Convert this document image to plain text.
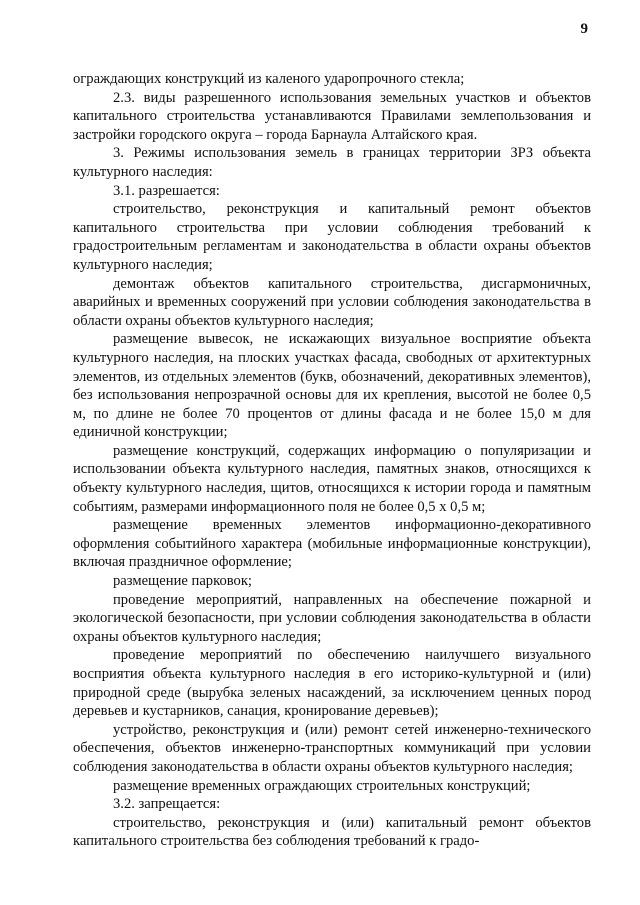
9

ограждающих конструкций из каленого ударопрочного стекла;

2.3. виды разрешенного использования земельных участков и объектов капитального строительства устанавливаются Правилами землепользования и застройки городского округа – города Барнаула Алтайского края.

3. Режимы использования земель в границах территории ЗРЗ объекта культурного наследия:

3.1. разрешается:

строительство, реконструкция и капитальный ремонт объектов капитального строительства при условии соблюдения требований к градостроительным регламентам и законодательства в области охраны объектов культурного наследия;

демонтаж объектов капитального строительства, дисгармоничных, аварийных и временных сооружений при условии соблюдения законодательства в области охраны объектов культурного наследия;

размещение вывесок, не искажающих визуальное восприятие объекта культурного наследия, на плоских участках фасада, свободных от архитектурных элементов, из отдельных элементов (букв, обозначений, декоративных элементов), без использования непрозрачной основы для их крепления, высотой не более 0,5 м, по длине не более 70 процентов от длины фасада и не более 15,0 м для единичной конструкции;

размещение конструкций, содержащих информацию о популяризации и использовании объекта культурного наследия, памятных знаков, относящихся к объекту культурного наследия, щитов, относящихся к истории города и памятным событиям, размерами информационного поля не более 0,5 х 0,5 м;

размещение временных элементов информационно-декоративного оформления событийного характера (мобильные информационные конструкции), включая праздничное оформление;

размещение парковок;

проведение мероприятий, направленных на обеспечение пожарной и экологической безопасности, при условии соблюдения законодательства в области охраны объектов культурного наследия;

проведение мероприятий по обеспечению наилучшего визуального восприятия объекта культурного наследия в его историко-культурной и (или) природной среде (вырубка зеленых насаждений, за исключением ценных пород деревьев и кустарников, санация, кронирование деревьев);

устройство, реконструкция и (или) ремонт сетей инженерно-технического обеспечения, объектов инженерно-транспортных коммуникаций при условии соблюдения законодательства в области охраны объектов культурного наследия;

размещение временных ограждающих строительных конструкций;

3.2. запрещается:

строительство, реконструкция и (или) капитальный ремонт объектов капитального строительства без соблюдения требований к градо-
